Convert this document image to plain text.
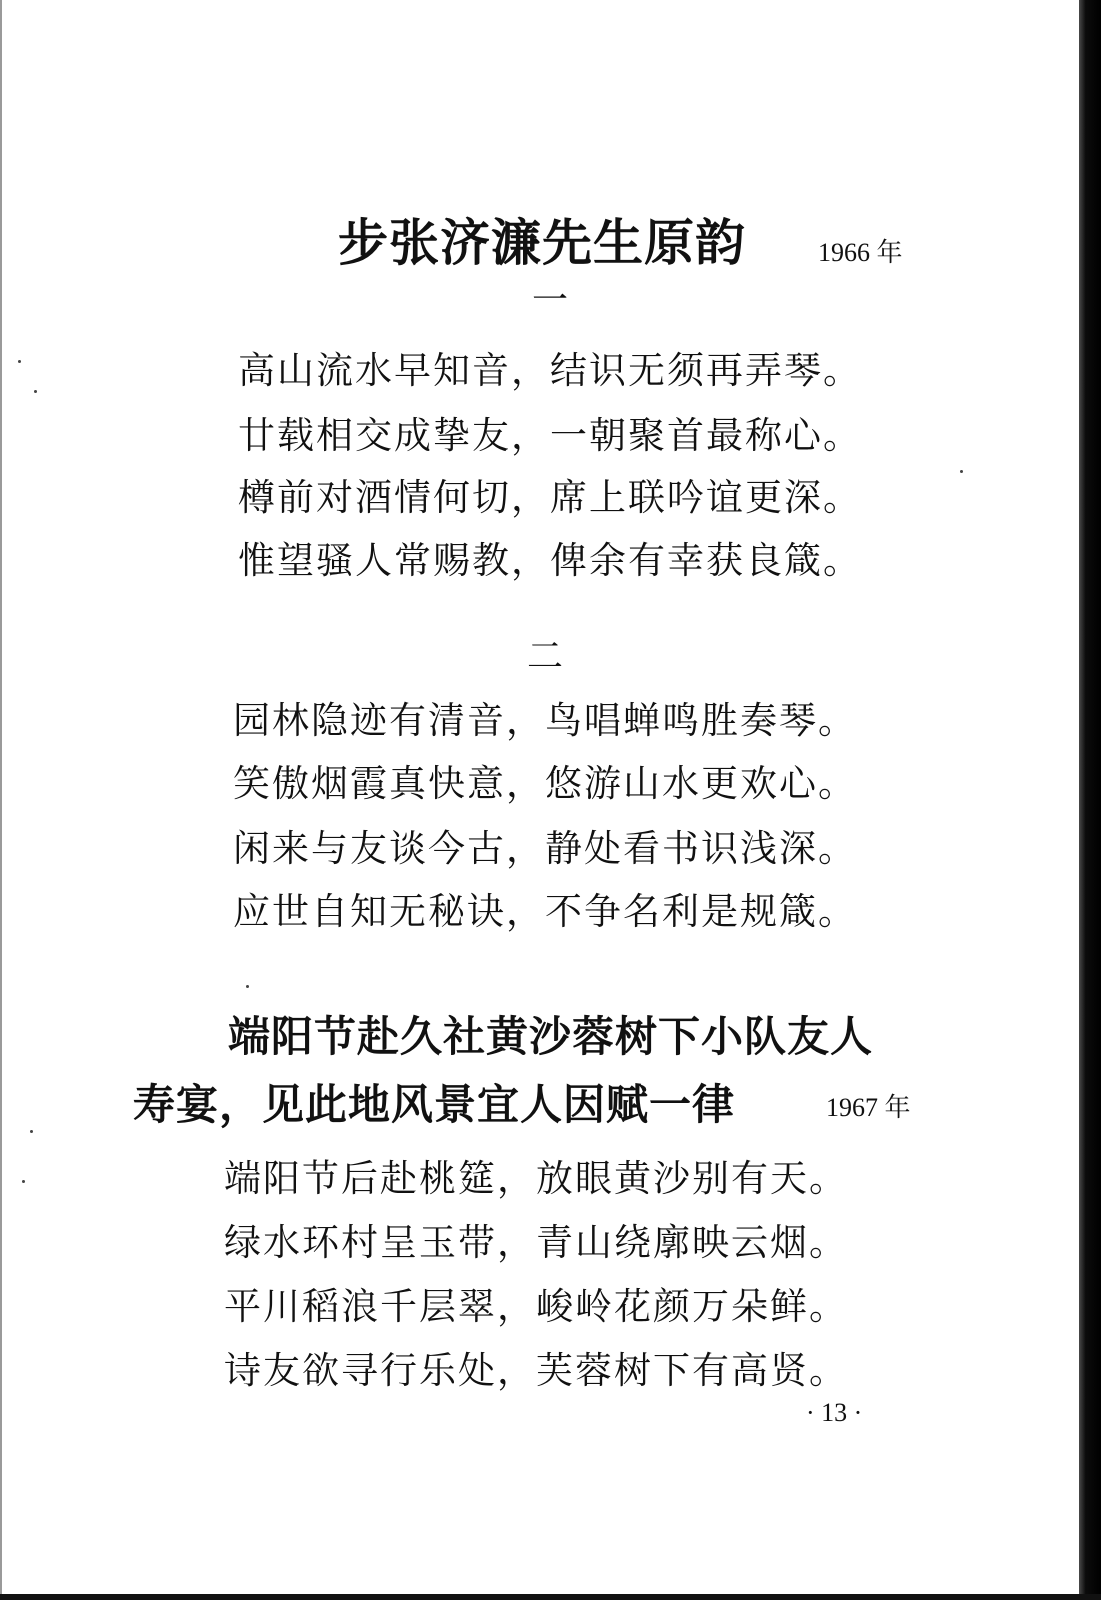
步张济濂先生原韵	1966 年
一
高山流水早知音，结识无须再弄琴。
廿载相交成挚友，一朝聚首最称心。
樽前对酒情何切，席上联吟谊更深。
惟望骚人常赐教，俾余有幸获良箴。
二
园林隐迹有清音，鸟唱蝉鸣胜奏琴。
笑傲烟霞真快意，悠游山水更欢心。
闲来与友谈今古，静处看书识浅深。
应世自知无秘诀，不争名利是规箴。
端阳节赴久社黄沙蓉树下小队友人
寿宴，见此地风景宜人因赋一律	1967 年
端阳节后赴桃筵，放眼黄沙别有天。
绿水环村呈玉带，青山绕廓映云烟。
平川稻浪千层翠，峻岭花颜万朵鲜。
诗友欲寻行乐处，芙蓉树下有高贤。
· 13 ·
